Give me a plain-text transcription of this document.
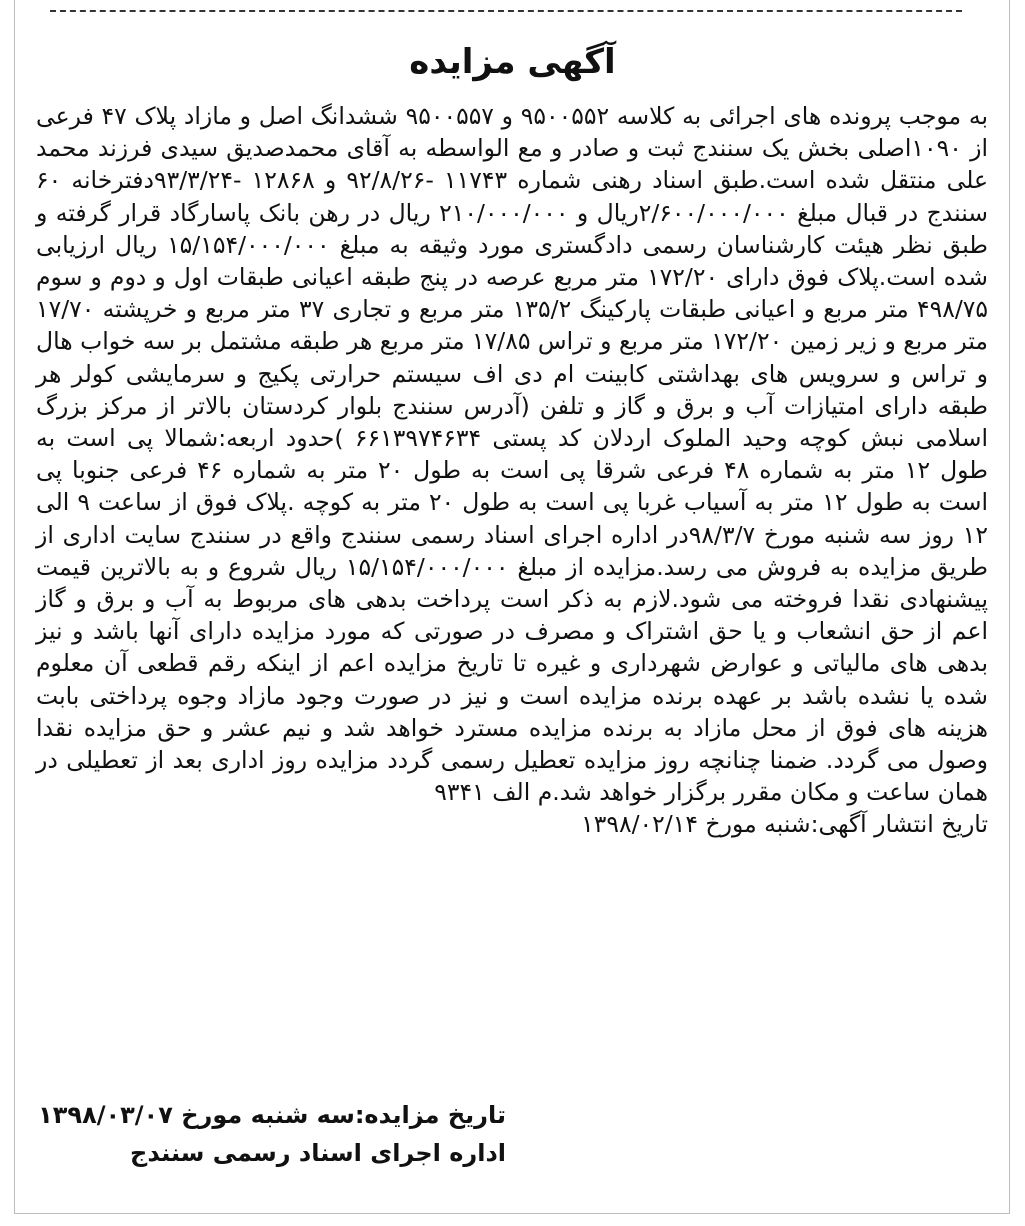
آگهی مزایده

به موجب پرونده های اجرائی به کلاسه ۹۵۰۰۵۵۲ و ۹۵۰۰۵۵۷ ششدانگ اصل و مازاد پلاک ۴۷ فرعی از ۱۰۹۰اصلی بخش یک سنندج ثبت و صادر و مع الواسطه به آقای محمدصدیق سیدی فرزند محمد علی منتقل شده است.طبق اسناد رهنی شماره ۱۱۷۴۳ -۹۲/۸/۲۶ و ۱۲۸۶۸ -۹۳/۳/۲۴دفترخانه ۶۰ سنندج در قبال مبلغ ۲/۶۰۰/۰۰۰/۰۰۰ریال و ۲۱۰/۰۰۰/۰۰۰ ریال در رهن بانک پاسارگاد قرار گرفته و طبق نظر هیئت کارشناسان رسمی دادگستری مورد وثیقه به مبلغ ۱۵/۱۵۴/۰۰۰/۰۰۰ ریال ارزیابی شده است.پلاک فوق دارای ۱۷۲/۲۰ متر مربع عرصه در پنج طبقه اعیانی طبقات اول و دوم و سوم ۴۹۸/۷۵ متر مربع و اعیانی طبقات پارکینگ ۱۳۵/۲ متر مربع و تجاری ۳۷ متر مربع و خرپشته ۱۷/۷۰ متر مربع و زیر زمین ۱۷۲/۲۰ متر مربع و تراس ۱۷/۸۵ متر مربع هر طبقه مشتمل بر سه خواب هال و تراس و سرویس های بهداشتی کابینت ام دی اف سیستم حرارتی پکیج و سرمایشی کولر هر طبقه دارای امتیازات آب و برق و گاز و تلفن (آدرس سنندج بلوار کردستان بالاتر از مرکز بزرگ اسلامی نبش کوچه وحید الملوک اردلان کد پستی ۶۶۱۳۹۷۴۶۳۴ )حدود اربعه:شمالا پی است به طول ۱۲ متر به شماره ۴۸ فرعی شرقا پی است به طول ۲۰ متر به شماره ۴۶ فرعی جنوبا پی است به طول ۱۲ متر به آسیاب غربا پی است به طول ۲۰ متر به کوچه .پلاک فوق از ساعت ۹ الی ۱۲ روز سه شنبه مورخ ۹۸/۳/۷در اداره اجرای اسناد رسمی سنندج واقع در سنندج سایت اداری از طریق مزایده به فروش می رسد.مزایده از مبلغ ۱۵/۱۵۴/۰۰۰/۰۰۰ ریال شروع و به بالاترین قیمت پیشنهادی نقدا فروخته می شود.لازم به ذکر است پرداخت بدهی های مربوط به آب و برق و گاز اعم از حق انشعاب و یا حق اشتراک و مصرف در صورتی که مورد مزایده دارای آنها باشد و نیز بدهی های مالیاتی و عوارض شهرداری و غیره تا تاریخ مزایده اعم از اینکه رقم قطعی آن معلوم شده یا نشده باشد بر عهده برنده مزایده است و نیز در صورت وجود مازاد وجوه پرداختی بابت هزینه های فوق از محل مازاد به برنده مزایده مسترد خواهد شد و نیم عشر و حق مزایده نقدا وصول می گردد. ضمنا چنانچه روز مزایده تعطیل رسمی گردد مزایده روز اداری بعد از تعطیلی در همان ساعت و مکان مقرر برگزار خواهد شد.م الف ۹۳۴۱

تاریخ انتشار آگهی:شنبه مورخ ۱۳۹۸/۰۲/۱۴

تاریخ مزایده:سه شنبه مورخ ۱۳۹۸/۰۳/۰۷
اداره اجرای اسناد رسمی سنندج
